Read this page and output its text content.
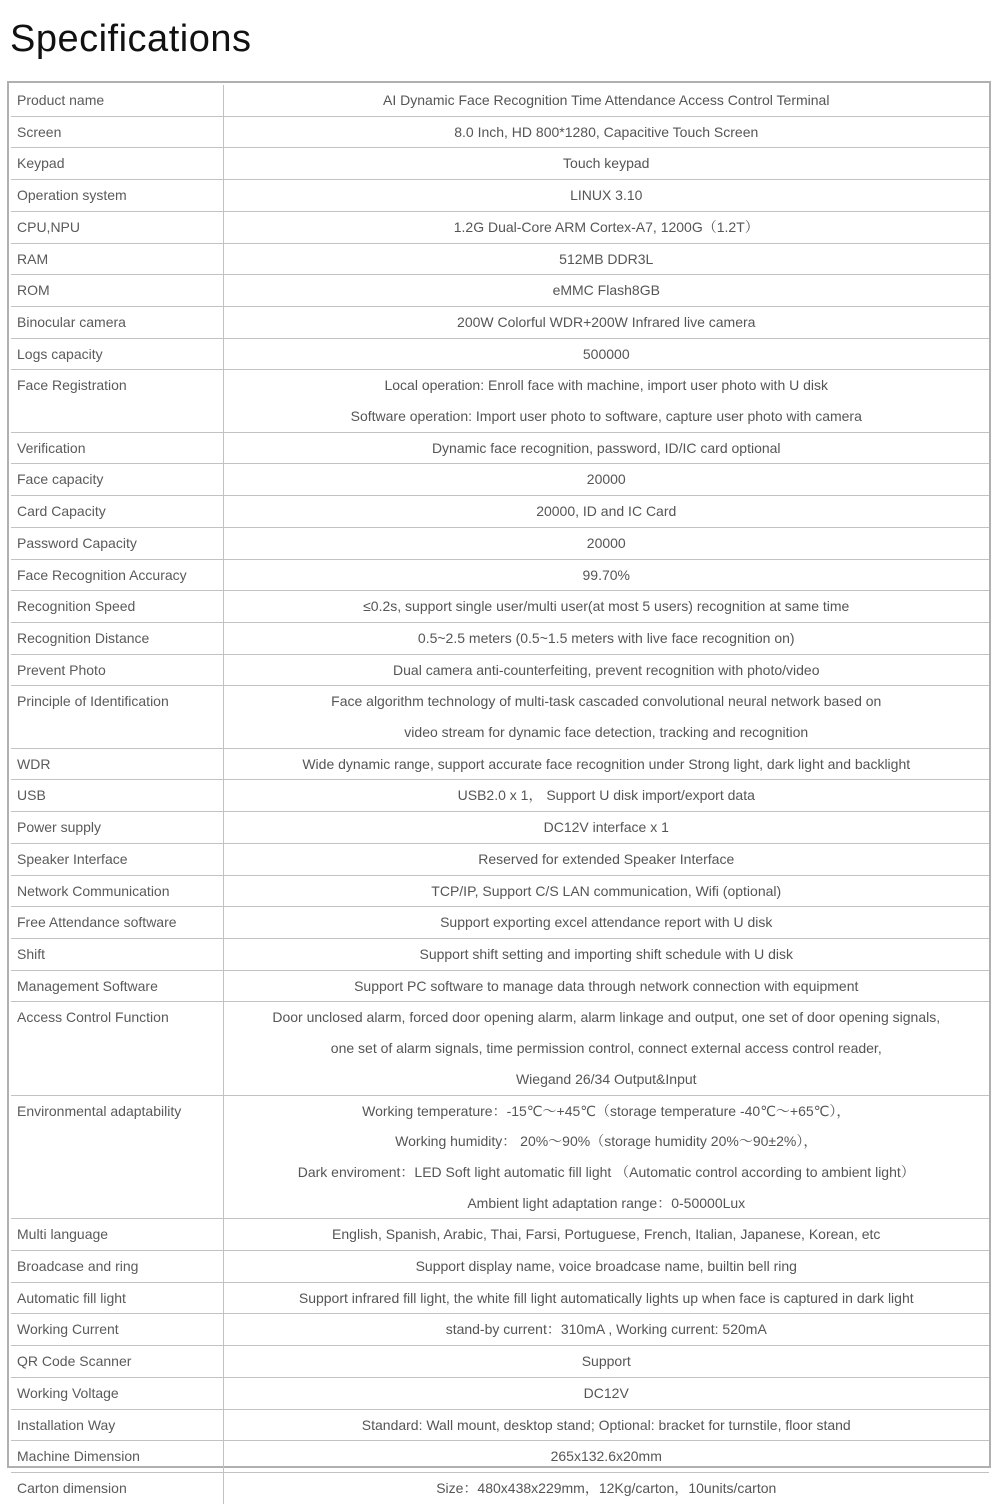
Specifications
Product name	AI Dynamic Face Recognition Time Attendance Access Control Terminal

Screen	8.0 Inch, HD 800*1280, Capacitive Touch Screen

Keypad	Touch keypad

Operation system	LINUX 3.10

CPU,NPU	1.2G Dual-Core ARM Cortex-A7, 1200G（1.2T）

RAM	512MB DDR3L

ROM	eMMC Flash8GB

Binocular camera	200W Colorful WDR+200W Infrared live camera

Logs capacity	500000

Face Registration	Local operation: Enroll face with machine, import user photo with U disk
Software operation: Import user photo to software, capture user photo with camera

Verification	Dynamic face recognition, password, ID/IC card optional

Face capacity	20000

Card Capacity	20000, ID and IC Card

Password Capacity	20000

Face Recognition Accuracy	99.70%

Recognition Speed	≤0.2s, support single user/multi user(at most 5 users) recognition at same time

Recognition Distance	0.5~2.5 meters (0.5~1.5 meters with live face recognition on)

Prevent Photo	Dual camera anti-counterfeiting, prevent recognition with photo/video

Principle of Identification	Face algorithm technology of multi-task cascaded convolutional neural network based on
video stream for dynamic face detection, tracking and recognition

WDR	Wide dynamic range, support accurate face recognition under Strong light, dark light and backlight

USB	USB2.0 x 1， Support U disk import/export data

Power supply	DC12V interface x 1

Speaker Interface	Reserved for extended Speaker Interface

Network Communication	TCP/IP, Support C/S LAN communication, Wifi (optional)

Free Attendance software	Support exporting excel attendance report with U disk

Shift	Support shift setting and importing shift schedule with U disk

Management Software	Support PC software to manage data through network connection with equipment

Access Control Function	Door unclosed alarm, forced door opening alarm, alarm linkage and output, one set of door opening signals,
one set of alarm signals, time permission control, connect external access control reader,
Wiegand 26/34 Output&Input

Environmental adaptability	Working temperature：-15℃～+45℃（storage temperature -40℃～+65℃），
Working humidity： 20%～90%（storage humidity 20%～90±2%），
Dark enviroment：LED Soft light automatic fill light （Automatic control according to ambient light）
Ambient light adaptation range：0-50000Lux

Multi language	English, Spanish, Arabic, Thai, Farsi, Portuguese, French, Italian, Japanese, Korean, etc

Broadcase and ring	Support display name, voice broadcase name, builtin bell ring

Automatic fill light	Support infrared fill light, the white fill light automatically lights up when face is captured in dark light

Working Current	stand-by current：310mA , Working current: 520mA

QR Code Scanner	Support

Working Voltage	DC12V

Installation Way	Standard: Wall mount, desktop stand; Optional: bracket for turnstile, floor stand

Machine Dimension	265x132.6x20mm

Carton dimension	Size：480x438x229mm，12Kg/carton，10units/carton
